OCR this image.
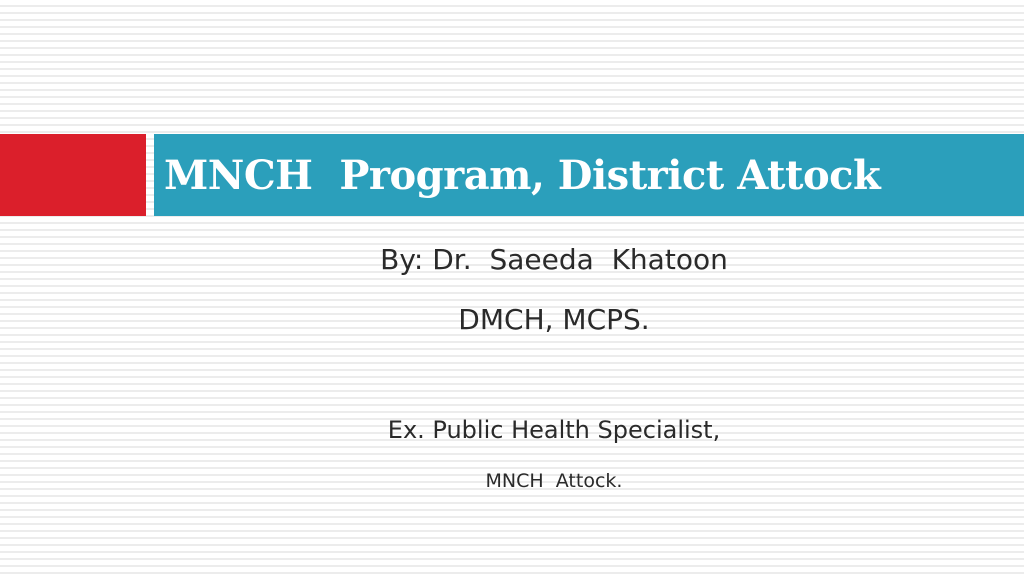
MNCH  Program, District Attock
By: Dr.  Saeeda  Khatoon
DMCH, MCPS.
Ex. Public Health Specialist,
MNCH  Attock.
